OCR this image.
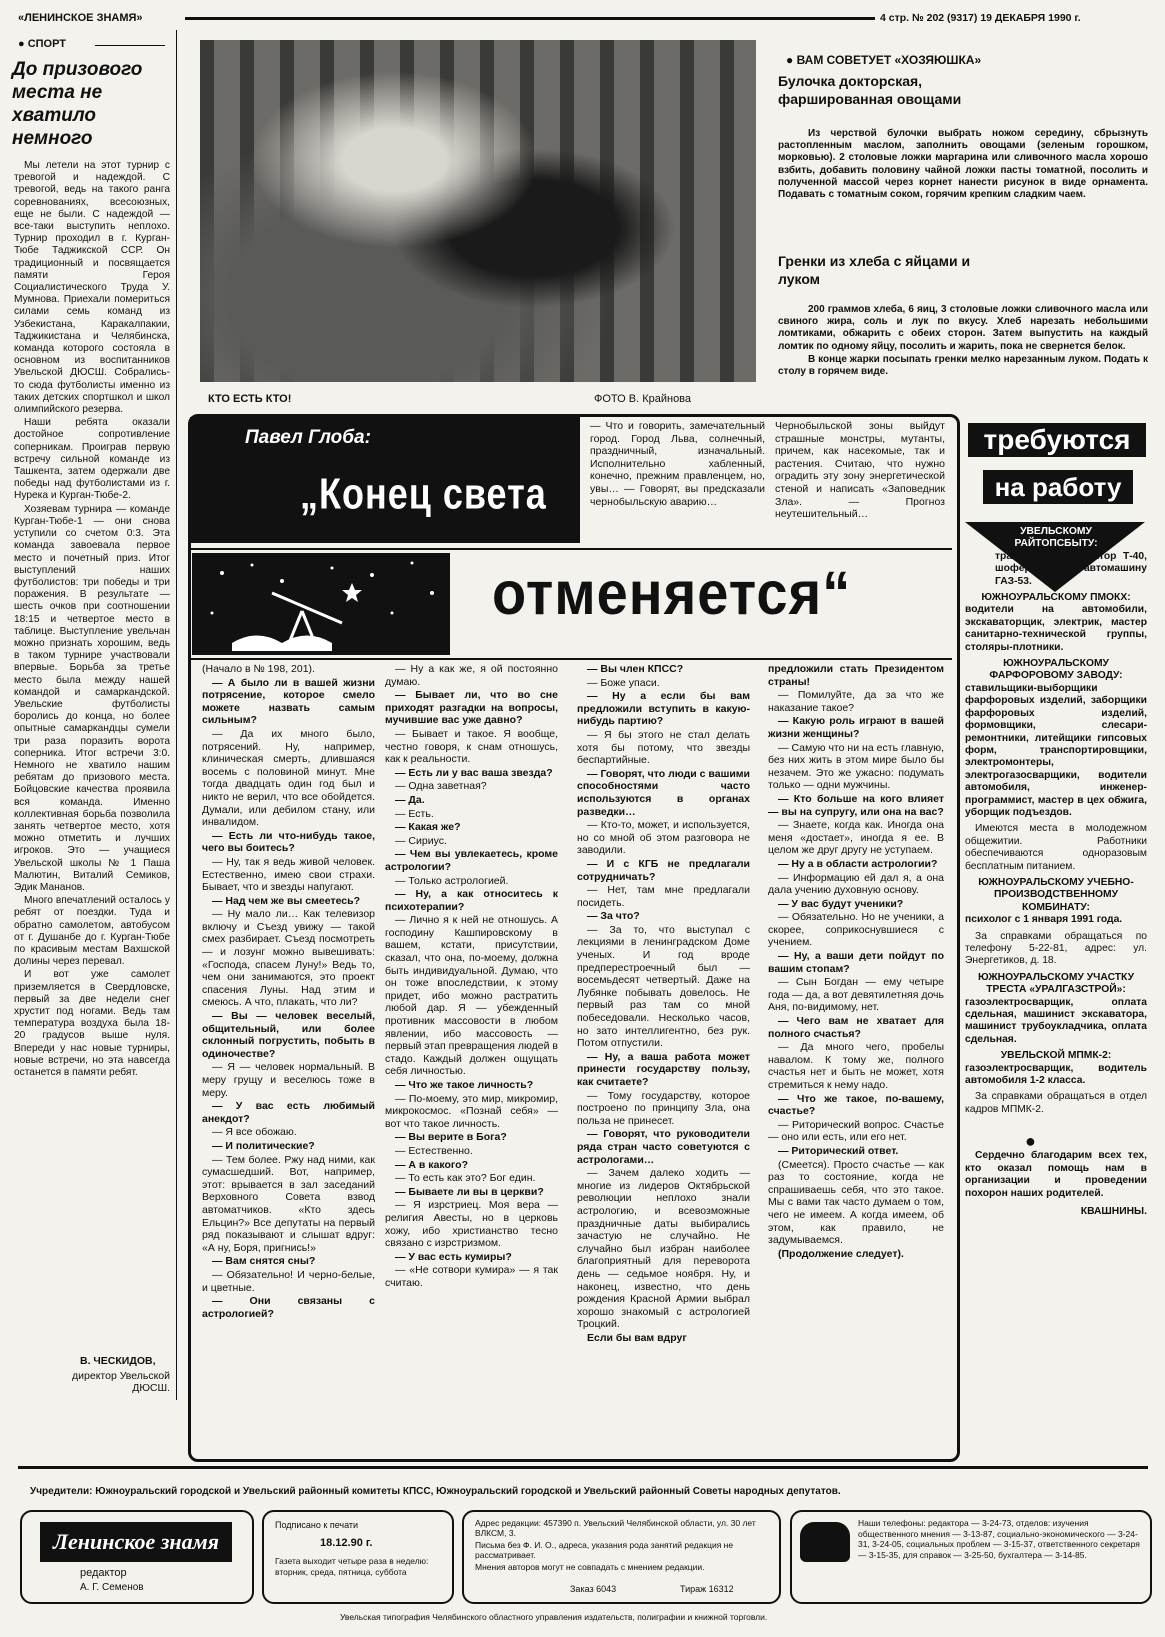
«ЛЕНИНСКОЕ ЗНАМЯ»	4 стр. № 202 (9317) 19 ДЕКАБРЯ 1990 г.
● СПОРТ
До призового места не хватило немного

Мы летели на этот турнир с тревогой и надеждой. С тревогой, ведь на такого ранга соревнованиях, всесоюзных, еще не были. С надеждой — все-таки выступить неплохо. Турнир проходил в г. Курган-Тюбе Таджикской ССР. Он традиционный и посвящается памяти Героя Социалистического Труда У. Мумнова. Приехали помериться силами семь команд из Узбекистана, Каракалпакии, Таджикистана и Челябинска, команда которого состояла в основном из воспитанников Увельской ДЮСШ. Собрались-то сюда футболисты именно из таких детских спортшкол и школ олимпийского резерва.

Наши ребята оказали достойное сопротивление соперникам. Проиграв первую встречу сильной команде из Ташкента, затем одержали две победы над футболистами из г. Нурека и Курган-Тюбе-2.

Хозяевам турнира — команде Курган-Тюбе-1 — они снова уступили со счетом 0:3. Эта команда завоевала первое место и почетный приз. Итог выступлений наших футболистов: три победы и три поражения. В результате — шесть очков при соотношении 18:15 и четвертое место в таблице. Выступление увельчан можно признать хорошим, ведь в таком турнире участвовали впервые. Борьба за третье место была между нашей командой и самаркандской. Увельские футболисты боролись до конца, но более опытные самаркандцы сумели три раза поразить ворота соперника. Итог встречи 3:0. Немного не хватило нашим ребятам до призового места. Бойцовские качества проявила вся команда. Именно коллективная борьба позволила занять четвертое место, хотя можно отметить и лучших игроков. Это — учащиеся Увельской школы № 1 Паша Малютин, Виталий Семиков, Эдик Мананов.

Много впечатлений осталось у ребят от поездки. Туда и обратно самолетом, автобусом от г. Душанбе до г. Курган-Тюбе по красивым местам Вахшской долины через перевал.

И вот уже самолет приземляется в Свердловске, первый за две недели снег хрустит под ногами. Ведь там температура воздуха была 18-20 градусов выше нуля. Впереди у нас новые турниры, новые встречи, но эта навсегда останется в памяти ребят.

В. ЧЕСКИДОВ,
директор Увельской ДЮСШ.
КТО ЕСТЬ КТО!	ФОТО В. Крайнова
● ВАМ СОВЕТУЕТ «ХОЗЯЮШКА»
Булочка докторская, фаршированная овощами
Из черствой булочки выбрать ножом середину, сбрызнуть растопленным маслом, заполнить овощами (зеленым горошком, морковью). 2 столовые ложки маргарина или сливочного масла хорошо взбить, добавить половину чайной ложки пасты томатной, посолить и полученной массой через корнет нанести рисунок в виде орнамента. Подавать с томатным соком, горячим крепким сладким чаем.
Гренки из хлеба с яйцами и луком

200 граммов хлеба, 6 яиц, 3 столовые ложки сливочного масла или свиного жира, соль и лук по вкусу. Хлеб нарезать небольшими ломтиками, обжарить с обеих сторон. Затем выпустить на каждый ломтик по одному яйцу, посолить и жарить, пока не свернется белок.

В конце жарки посыпать гренки мелко нарезанным луком. Подать к столу в горячем виде.

Павел Глоба:
„Конец света
— Что и говорить, замечательный город. Город Льва, солнечный, праздничный, изначальный. Исполнительно хабленный, конечно, прежним правленцем, но, увы… — Говорят, вы предсказали чернобыльскую аварию…
Чернобыльской зоны выйдут страшные монстры, мутанты, причем, как насекомые, так и растения. Считаю, что нужно оградить эту зону энергетической стеной и написать «Заповедник Зла». — Прогноз неутешительный…
отменяется“

(Начало в № 198, 201).

— А было ли в вашей жизни потрясение, которое смело можете назвать самым сильным?

— Да их много было, потрясений. Ну, например, клиническая смерть, длившаяся восемь с половиной минут. Мне тогда двадцать один год был и никто не верил, что все обойдется. Думали, или дебилом стану, или инвалидом.

— Есть ли что-нибудь такое, чего вы боитесь?

— Ну, так я ведь живой человек. Естественно, имею свои страхи. Бывает, что и звезды напугают.

— Над чем же вы смеетесь?

— Ну мало ли… Как телевизор включу и Съезд увижу — такой смех разбирает. Съезд посмотреть — и лозунг можно вывешивать: «Господа, спасем Луну!» Ведь то, чем они занимаются, это проект спасения Луны. Над этим и смеюсь. А что, плакать, что ли?

— Вы — человек веселый, общительный, или более склонный погрустить, побыть в одиночестве?

— Я — человек нормальный. В меру грущу и веселюсь тоже в меру.

— У вас есть любимый анекдот?

— Я все обожаю.

— И политические?

— Тем более. Ржу над ними, как сумасшедший. Вот, например, этот: врывается в зал заседаний Верховного Совета взвод автоматчиков. «Кто здесь Ельцин?» Все депутаты на первый ряд показывают и слышат вдруг: «А ну, Боря, пригнись!»

— Вам снятся сны?

— Обязательно! И черно-белые, и цветные.

— Они связаны с астрологией?

— Ну а как же, я ой постоянно думаю.

— Бывает ли, что во сне приходят разгадки на вопросы, мучившие вас уже давно?

— Бывает и такое. Я вообще, честно говоря, к снам отношусь, как к реальности.

— Есть ли у вас ваша звезда?

— Одна заветная?

— Да.

— Есть.

— Какая же?

— Сириус.

— Чем вы увлекаетесь, кроме астрологии?

— Только астрологией.

— Ну, а как относитесь к психотерапии?

— Лично я к ней не отношусь. А господину Кашпировскому в вашем, кстати, присутствии, сказал, что она, по-моему, должна быть индивидуальной. Думаю, что он тоже впоследствии, к этому придет, ибо можно растратить любой дар. Я — убежденный противник массовости в любом явлении, ибо массовость — первый этап превращения людей в стадо. Каждый должен ощущать себя личностью.

— Что же такое личность?

— По-моему, это мир, микромир, микрокосмос. «Познай себя» — вот что такое личность.

— Вы верите в Бога?

— Естественно.

— А в какого?

— То есть как это? Бог един.

— Бываете ли вы в церкви?

— Я изрстриец. Моя вера — религия Авесты, но в церковь хожу, ибо христианство тесно связано с изрстризмом.

— У вас есть кумиры?

— «Не сотвори кумира» — я так считаю.

— Вы член КПСС?

— Боже упаси.

— Ну а если бы вам предложили вступить в какую-нибудь партию?

— Я бы этого не стал делать хотя бы потому, что звезды беспартийные.

— Говорят, что люди с вашими способностями часто используются в органах разведки…

— Кто-то, может, и используется, но со мной об этом разговора не заводили.

— И с КГБ не предлагали сотрудничать?

— Нет, там мне предлагали посидеть.

— За что?

— За то, что выступал с лекциями в ленинградском Доме ученых. И год вроде предперестроечный был — восемьдесят четвертый. Даже на Лубянке побывать довелось. Не первый раз там со мной побеседовали. Несколько часов, но зато интеллигентно, без рук. Потом отпустили.

— Ну, а ваша работа может принести государству пользу, как считаете?

— Тому государству, которое построено по принципу Зла, она польза не принесет.

— Говорят, что руководители ряда стран часто советуются с астрологами…

— Зачем далеко ходить — многие из лидеров Октябрьской революции неплохо знали астрологию, и всевозможные праздничные даты выбирались зачастую не случайно. Не случайно был избран наиболее благоприятный для переворота день — седьмое ноября. Ну, и наконец, известно, что день рождения Красной Армии выбрал хорошо знакомый с астрологией Троцкий.

Если бы вам вдруг

предложили стать Президентом страны!

— Помилуйте, да за что же наказание такое?

— Какую роль играют в вашей жизни женщины?

— Самую что ни на есть главную, без них жить в этом мире было бы незачем. Это же ужасно: подумать только — одни мужчины.

— Кто больше на кого влияет — вы на супругу, или она на вас?

— Знаете, когда как. Иногда она меня «достает», иногда я ее. В целом же друг другу не уступаем.

— Ну а в области астрологии?

— Информацию ей дал я, а она дала учению духовную основу.

— У вас будут ученики?

— Обязательно. Но не ученики, а скорее, соприкоснувшиеся с учением.

— Ну, а ваши дети пойдут по вашим стопам?

— Сын Богдан — ему четыре года — да, а вот девятилетняя дочь Аня, по-видимому, нет.

— Чего вам не хватает для полного счастья?

— Да много чего, пробелы навалом. К тому же, полного счастья нет и быть не может, хотя стремиться к нему надо.

— Что же такое, по-вашему, счастье?

— Риторический вопрос. Счастье — оно или есть, или его нет.

— Риторический ответ.

(Смеется). Просто счастье — как раз то состояние, когда не спрашиваешь себя, что это такое. Мы с вами так часто думаем о том, чего не имеем. А когда имеем, об этом, как правило, не задумываемся.

(Продолжение следует).

требуются
на работу
УВЕЛЬСКОМУ РАЙТОПСБЫТУ:
тракторист на трактор Т-40, шофер на автомашину ГАЗ-53.
ЮЖНОУРАЛЬСКОМУ ПМОКХ:
водители на автомобили, экскаваторщик, электрик, мастер санитарно-технической группы, столяры-плотники.
ЮЖНОУРАЛЬСКОМУ ФАРФОРОВОМУ ЗАВОДУ:
ставильщики-выборщики фарфоровых изделий, заборщики фарфоровых изделий, формовщики, слесари-ремонтники, литейщики гипсовых форм, транспортировщики, электромонтеры, электрогазосварщики, водители автомобиля, инженер-программист, мастер в цех обжига, уборщик подъездов.
Имеются места в молодежном общежитии. Работники обеспечиваются одноразовым бесплатным питанием.
ЮЖНОУРАЛЬСКОМУ УЧЕБНО-ПРОИЗВОДСТВЕННОМУ КОМБИНАТУ:
психолог с 1 января 1991 года.
За справками обращаться по телефону 5-22-81, адрес: ул. Энергетиков, д. 18.
ЮЖНОУРАЛЬСКОМУ УЧАСТКУ ТРЕСТА «УРАЛГАЗСТРОЙ»:
газоэлектросварщик, оплата сдельная, машинист экскаватора, машинист трубоукладчика, оплата сдельная.
УВЕЛЬСКОЙ МПМК-2:
газоэлектросварщик, водитель автомобиля 1-2 класса.
За справками обращаться в отдел кадров МПМК-2.
●
Сердечно благодарим всех тех, кто оказал помощь нам в организации и проведении похорон наших родителей.
КВАШНИНЫ.
Учредители: Южноуральский городской и Увельский районный комитеты КПСС, Южноуральский городской и Увельский районный Советы народных депутатов.
Ленинское знамя
редактор
А. Г. Семенов
Подписано к печати
18.12.90 г.
Газета выходит четыре раза в неделю: вторник, среда, пятница, суббота
Адрес редакции: 457390 п. Увельский Челябинской области, ул. 30 лет ВЛКСМ, 3.
Письма без Ф. И. О., адреса, указания рода занятий редакция не рассматривает.
Мнения авторов могут не совпадать с мнением редакции.
Заказ 6043	Тираж 16312
Наши телефоны: редактора — 3-24-73, отделов: изучения общественного мнения — 3-13-87, социально-экономического — 3-24-31, 3-24-05, социальных проблем — 3-15-37, ответственного секретаря — 3-15-35, для справок — 3-25-50, бухгалтера — 3-14-85.
Увельская типография Челябинского областного управления издательств, полиграфии и книжной торговли.
